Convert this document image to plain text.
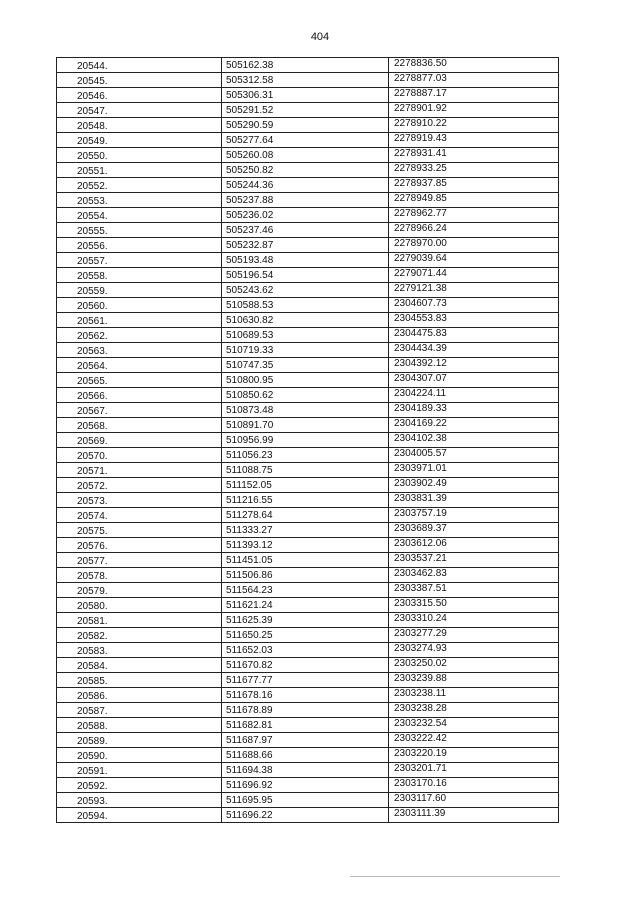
404
20544.	505162.38	2278836.50
20545.	505312.58	2278877.03
20546.	505306.31	2278887.17
20547.	505291.52	2278901.92
20548.	505290.59	2278910.22
20549.	505277.64	2278919.43
20550.	505260.08	2278931.41
20551.	505250.82	2278933.25
20552.	505244.36	2278937.85
20553.	505237.88	2278949.85
20554.	505236.02	2278962.77
20555.	505237.46	2278966.24
20556.	505232.87	2278970.00
20557.	505193.48	2279039.64
20558.	505196.54	2279071.44
20559.	505243.62	2279121.38
20560.	510588.53	2304607.73
20561.	510630.82	2304553.83
20562.	510689.53	2304475.83
20563.	510719.33	2304434.39
20564.	510747.35	2304392.12
20565.	510800.95	2304307.07
20566.	510850.62	2304224.11
20567.	510873.48	2304189.33
20568.	510891.70	2304169.22
20569.	510956.99	2304102.38
20570.	511056.23	2304005.57
20571.	511088.75	2303971.01
20572.	511152.05	2303902.49
20573.	511216.55	2303831.39
20574.	511278.64	2303757.19
20575.	511333.27	2303689.37
20576.	511393.12	2303612.06
20577.	511451.05	2303537.21
20578.	511506.86	2303462.83
20579.	511564.23	2303387.51
20580.	511621.24	2303315.50
20581.	511625.39	2303310.24
20582.	511650.25	2303277.29
20583.	511652.03	2303274.93
20584.	511670.82	2303250.02
20585.	511677.77	2303239.88
20586.	511678.16	2303238.11
20587.	511678.89	2303238.28
20588.	511682.81	2303232.54
20589.	511687.97	2303222.42
20590.	511688.66	2303220.19
20591.	511694.38	2303201.71
20592.	511696.92	2303170.16
20593.	511695.95	2303117.60
20594.	511696.22	2303111.39
